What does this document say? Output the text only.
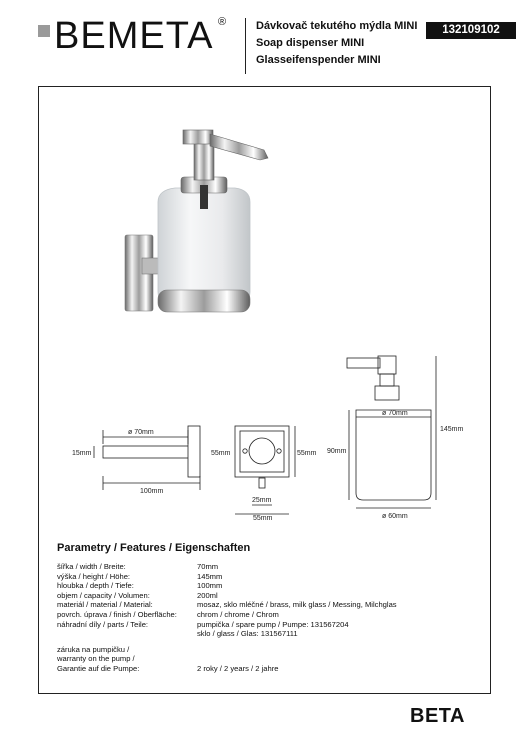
BEMETA ®	Dávkovač tekutého mýdla MINI
Soap dispenser MINI
Glasseifenspender MINI
132109102
ø 70mm
15mm
100mm
55mm
25mm
55mm
55mm
ø 70mm
145mm
90mm
ø 60mm
Parametry / Features / Eigenschaften
šířka / width / Breite:	70mm
výška / height / Höhe:	145mm
hloubka / depth / Tiefe:	100mm
objem / capacity / Volumen:	200ml
materiál / material / Material:	mosaz, sklo mléčné / brass, milk glass / Messing, Milchglas
povrch. úprava / finish / Oberfläche:	chrom / chrome / Chrom
náhradní díly / parts / Teile:	pumpička / spare pump / Pumpe: 131567204
sklo / glass / Glas: 131567111
záruka na pumpičku /
warranty on the pump /
Garantie auf die Pumpe:	2 roky / 2 years / 2 jahre
BETA
